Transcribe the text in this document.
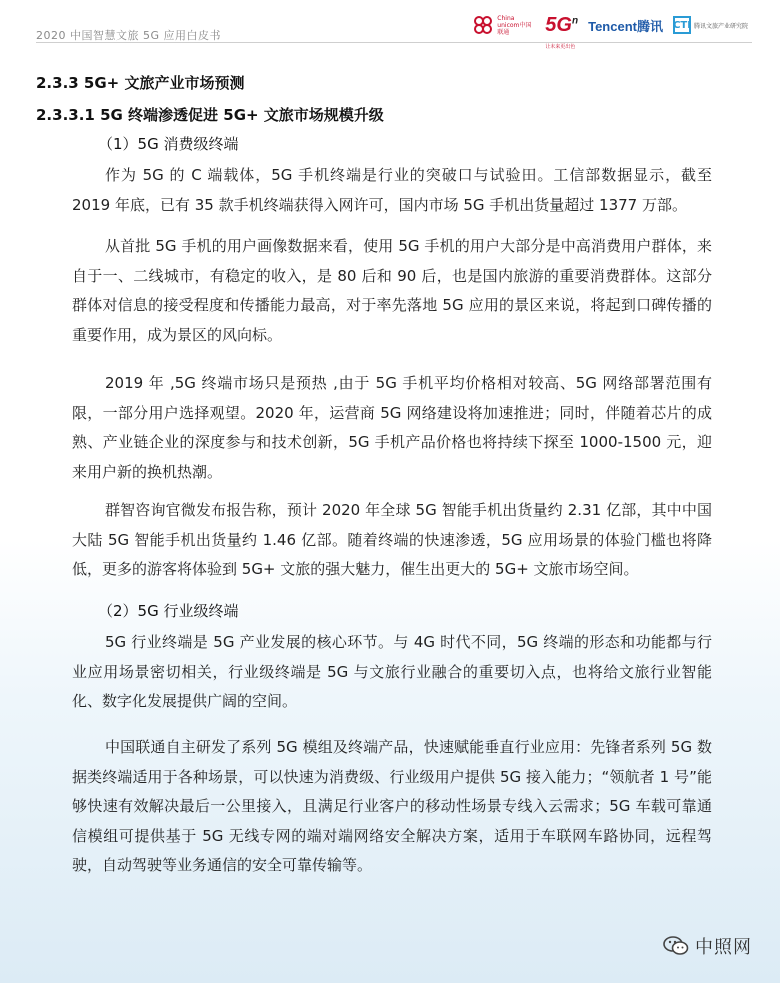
2020 中国智慧文旅 5G 应用白皮书
China unicom中国联通	$5G^n$
让未来更出色
Tencent腾讯 CTI 腾讯文旅产业研究院
2.3.3 5G+ 文旅产业市场预测
2.3.3.1 5G 终端渗透促进 5G+ 文旅市场规模升级
（1）5G 消费级终端

作为 5G 的 C 端载体，5G 手机终端是行业的突破口与试验田。工信部数据显示，截至 2019 年底，已有 35 款手机终端获得入网许可，国内市场 5G 手机出货量超过 1377 万部。

从首批 5G 手机的用户画像数据来看，使用 5G 手机的用户大部分是中高消费用户群体，来自于一、二线城市，有稳定的收入，是 80 后和 90 后，也是国内旅游的重要消费群体。这部分群体对信息的接受程度和传播能力最高，对于率先落地 5G 应用的景区来说，将起到口碑传播的重要作用，成为景区的风向标。

2019 年 ,5G 终端市场只是预热 ,由于 5G 手机平均价格相对较高、5G 网络部署范围有限，一部分用户选择观望。2020 年，运营商 5G 网络建设将加速推进；同时，伴随着芯片的成熟、产业链企业的深度参与和技术创新，5G 手机产品价格也将持续下探至 1000-1500 元，迎来用户新的换机热潮。

群智咨询官微发布报告称，预计 2020 年全球 5G 智能手机出货量约 2.31 亿部，其中中国大陆 5G 智能手机出货量约 1.46 亿部。随着终端的快速渗透，5G 应用场景的体验门槛也将降低，更多的游客将体验到 5G+ 文旅的强大魅力，催生出更大的 5G+ 文旅市场空间。

（2）5G 行业级终端

5G 行业终端是 5G 产业发展的核心环节。与 4G 时代不同，5G 终端的形态和功能都与行业应用场景密切相关，行业级终端是 5G 与文旅行业融合的重要切入点，也将给文旅行业智能化、数字化发展提供广阔的空间。

中国联通自主研发了系列 5G 模组及终端产品，快速赋能垂直行业应用：先锋者系列 5G 数据类终端适用于各种场景，可以快速为消费级、行业级用户提供 5G 接入能力；“领航者 1 号”能够快速有效解决最后一公里接入，且满足行业客户的移动性场景专线入云需求；5G 车载可靠通信模组可提供基于 5G 无线专网的端对端网络安全解决方案，适用于车联网车路协同，远程驾驶，自动驾驶等业务通信的安全可靠传输等。

中照网
